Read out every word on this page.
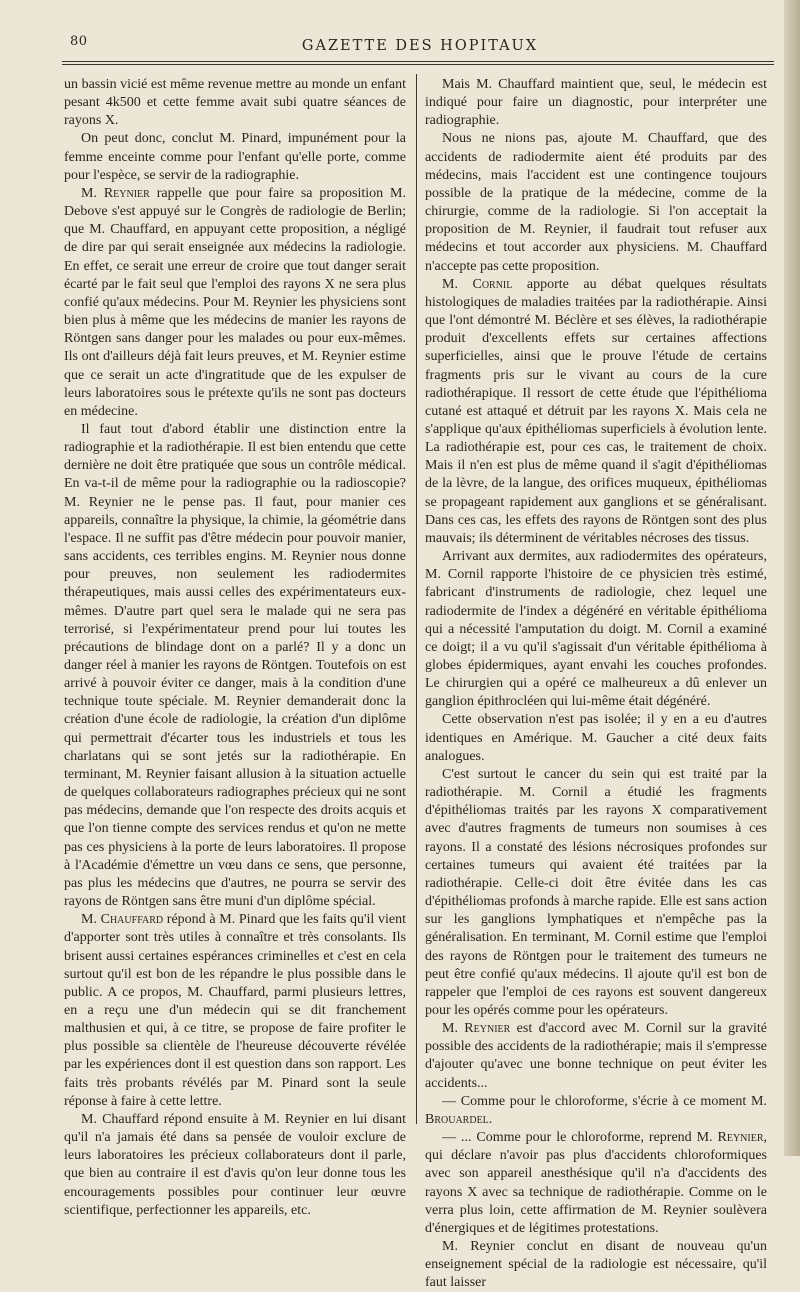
80	GAZETTE DES HOPITAUX

un bassin vicié est même revenue mettre au monde un enfant pesant 4k500 et cette femme avait subi quatre séances de rayons X.

On peut donc, conclut M. Pinard, impunément pour la femme enceinte comme pour l'enfant qu'elle porte, comme pour l'espèce, se servir de la radiographie.

M. Reynier rappelle que pour faire sa proposition M. Debove s'est appuyé sur le Congrès de radiologie de Berlin; que M. Chauffard, en appuyant cette proposition, a négligé de dire par qui serait enseignée aux médecins la radiologie. En effet, ce serait une erreur de croire que tout danger serait écarté par le fait seul que l'emploi des rayons X ne sera plus confié qu'aux médecins. Pour M. Reynier les physiciens sont bien plus à même que les médecins de manier les rayons de Röntgen sans danger pour les malades ou pour eux-mêmes. Ils ont d'ailleurs déjà fait leurs preuves, et M. Reynier estime que ce serait un acte d'ingratitude que de les expulser de leurs laboratoires sous le prétexte qu'ils ne sont pas docteurs en médecine.

Il faut tout d'abord établir une distinction entre la radiographie et la radiothérapie. Il est bien entendu que cette dernière ne doit être pratiquée que sous un contrôle médical. En va-t-il de même pour la radiographie ou la radioscopie? M. Reynier ne le pense pas. Il faut, pour manier ces appareils, connaître la physique, la chimie, la géométrie dans l'espace. Il ne suffit pas d'être médecin pour pouvoir manier, sans accidents, ces terribles engins. M. Reynier nous donne pour preuves, non seulement les radiodermites thérapeutiques, mais aussi celles des expérimentateurs eux-mêmes. D'autre part quel sera le malade qui ne sera pas terrorisé, si l'expérimentateur prend pour lui toutes les précautions de blindage dont on a parlé? Il y a donc un danger réel à manier les rayons de Röntgen. Toutefois on est arrivé à pouvoir éviter ce danger, mais à la condition d'une technique toute spéciale. M. Reynier demanderait donc la création d'une école de radiologie, la création d'un diplôme qui permettrait d'écarter tous les industriels et tous les charlatans qui se sont jetés sur la radiothérapie. En terminant, M. Reynier faisant allusion à la situation actuelle de quelques collaborateurs radiographes précieux qui ne sont pas médecins, demande que l'on respecte des droits acquis et que l'on tienne compte des services rendus et qu'on ne mette pas ces physiciens à la porte de leurs laboratoires. Il propose à l'Académie d'émettre un vœu dans ce sens, que personne, pas plus les médecins que d'autres, ne pourra se servir des rayons de Röntgen sans être muni d'un diplôme spécial.

M. Chauffard répond à M. Pinard que les faits qu'il vient d'apporter sont très utiles à connaître et très consolants. Ils brisent aussi certaines espérances criminelles et c'est en cela surtout qu'il est bon de les répandre le plus possible dans le public. A ce propos, M. Chauffard, parmi plusieurs lettres, en a reçu une d'un médecin qui se dit franchement malthusien et qui, à ce titre, se propose de faire profiter le plus possible sa clientèle de l'heureuse découverte révélée par les expériences dont il est question dans son rapport. Les faits très probants révélés par M. Pinard sont la seule réponse à faire à cette lettre.

M. Chauffard répond ensuite à M. Reynier en lui disant qu'il n'a jamais été dans sa pensée de vouloir exclure de leurs laboratoires les précieux collaborateurs dont il parle, que bien au contraire il est d'avis qu'on leur donne tous les encouragements possibles pour continuer leur œuvre scientifique, perfectionner les appareils, etc.

Mais M. Chauffard maintient que, seul, le médecin est indiqué pour faire un diagnostic, pour interpréter une radiographie.

Nous ne nions pas, ajoute M. Chauffard, que des accidents de radiodermite aient été produits par des médecins, mais l'accident est une contingence toujours possible de la pratique de la médecine, comme de la chirurgie, comme de la radiologie. Si l'on acceptait la proposition de M. Reynier, il faudrait tout refuser aux médecins et tout accorder aux physiciens. M. Chauffard n'accepte pas cette proposition.

M. Cornil apporte au débat quelques résultats histologiques de maladies traitées par la radiothérapie. Ainsi que l'ont démontré M. Béclère et ses élèves, la radiothérapie produit d'excellents effets sur certaines affections superficielles, ainsi que le prouve l'étude de certains fragments pris sur le vivant au cours de la cure radiothérapique. Il ressort de cette étude que l'épithélioma cutané est attaqué et détruit par les rayons X. Mais cela ne s'applique qu'aux épithéliomas superficiels à évolution lente. La radiothérapie est, pour ces cas, le traitement de choix. Mais il n'en est plus de même quand il s'agit d'épithéliomas de la lèvre, de la langue, des orifices muqueux, épithéliomas se propageant rapidement aux ganglions et se généralisant. Dans ces cas, les effets des rayons de Röntgen sont des plus mauvais; ils déterminent de véritables nécroses des tissus.

Arrivant aux dermites, aux radiodermites des opérateurs, M. Cornil rapporte l'histoire de ce physicien très estimé, fabricant d'instruments de radiologie, chez lequel une radiodermite de l'index a dégénéré en véritable épithélioma qui a nécessité l'amputation du doigt. M. Cornil a examiné ce doigt; il a vu qu'il s'agissait d'un véritable épithélioma à globes épidermiques, ayant envahi les couches profondes. Le chirurgien qui a opéré ce malheureux a dû enlever un ganglion épithrocléen qui lui-même était dégénéré.

Cette observation n'est pas isolée; il y en a eu d'autres identiques en Amérique. M. Gaucher a cité deux faits analogues.

C'est surtout le cancer du sein qui est traité par la radiothérapie. M. Cornil a étudié les fragments d'épithéliomas traités par les rayons X comparativement avec d'autres fragments de tumeurs non soumises à ces rayons. Il a constaté des lésions nécrosiques profondes sur certaines tumeurs qui avaient été traitées par la radiothérapie. Celle-ci doit être évitée dans les cas d'épithéliomas profonds à marche rapide. Elle est sans action sur les ganglions lymphatiques et n'empêche pas la généralisation. En terminant, M. Cornil estime que l'emploi des rayons de Röntgen pour le traitement des tumeurs ne peut être confié qu'aux médecins. Il ajoute qu'il est bon de rappeler que l'emploi de ces rayons est souvent dangereux pour les opérés comme pour les opérateurs.

M. Reynier est d'accord avec M. Cornil sur la gravité possible des accidents de la radiothérapie; mais il s'empresse d'ajouter qu'avec une bonne technique on peut éviter les accidents...

— Comme pour le chloroforme, s'écrie à ce moment M. Brouardel.

— ... Comme pour le chloroforme, reprend M. Reynier, qui déclare n'avoir pas plus d'accidents chloroformiques avec son appareil anesthésique qu'il n'a d'accidents des rayons X avec sa technique de radiothérapie. Comme on le verra plus loin, cette affirmation de M. Reynier soulèvera d'énergiques et de légitimes protestations.

M. Reynier conclut en disant de nouveau qu'un enseignement spécial de la radiologie est nécessaire, qu'il faut laisser
